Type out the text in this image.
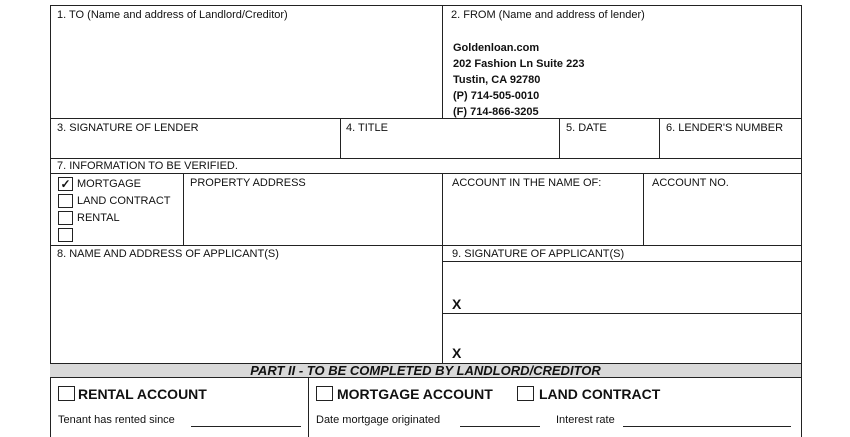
1. TO (Name and address of Landlord/Creditor)	2. FROM (Name and address of lender)
Goldenloan.com
202 Fashion Ln Suite 223
Tustin, CA 92780
(P) 714-505-0010
(F) 714-866-3205
3. SIGNATURE OF LENDER	4. TITLE	5. DATE	6. LENDER'S NUMBER
7. INFORMATION TO BE VERIFIED.
✓ MORTGAGE
LAND CONTRACT
RENTAL
PROPERTY ADDRESS	ACCOUNT IN THE NAME OF:	ACCOUNT NO.
8. NAME AND ADDRESS OF APPLICANT(S)	9. SIGNATURE OF APPLICANT(S)
X
X
PART II - TO BE COMPLETED BY LANDLORD/CREDITOR
RENTAL ACCOUNT
Tenant has rented since
MORTGAGE ACCOUNT	LAND CONTRACT
Date mortgage originated	Interest rate
